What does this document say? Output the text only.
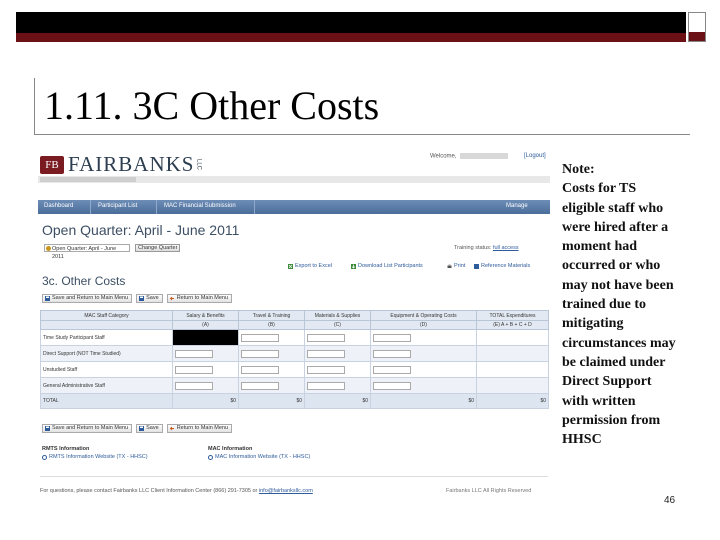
1.11. 3C Other Costs
FB FAIRBANKS LLC
Welcome,	[Logout]
Dashboard	Participant List	MAC Financial Submission	Manage
Open Quarter: April - June 2011
Open Quarter: April - June 2011
Change Quarter	Training status: full access
Export to Excel	Download List Participants	Print	Reference Materials
3c. Other Costs
Save and Return to Main Menu	Save	Return to Main Menu
MAC Staff Category	Salary & Benefits	Travel & Training	Materials & Supplies	Equipment & Operating Costs	TOTAL Expenditures
	(A)	(B)	(C)	(D)	(E) A + B + C + D
Time Study Participant Staff					
Direct Support (NOT Time Studied)					
Unstudied Staff					
General Administrative Staff					
TOTAL	$0	$0	$0	$0	$0
Save and Return to Main Menu	Save	Return to Main Menu
RMTS Information
RMTS Information Website (TX - HHSC)
MAC Information
MAC Information Website (TX - HHSC)
For questions, please contact Fairbanks LLC Client Information Center (866) 291-7305 or info@fairbanksllc.com	Fairbanks LLC All Rights Reserved
Note:
Costs for TS
eligible staff who
were hired after a
moment had
occurred or who
may not have been
trained due to
mitigating
circumstances may
be claimed under
Direct Support
with written
permission from
HHSC
46
